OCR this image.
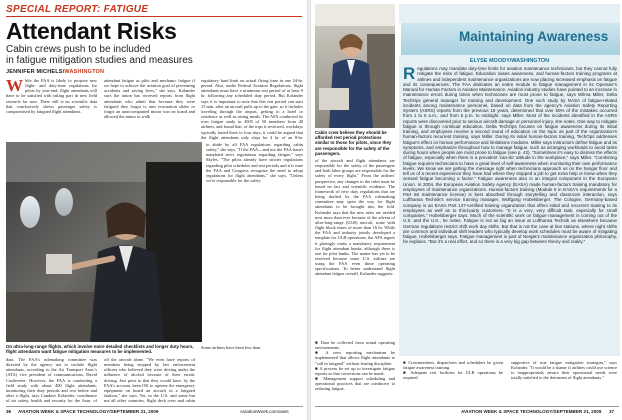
SPECIAL REPORT: FATIGUE
Attendant Risks
Cabin crews push to be included
in fatigue mitigation studies and measures
JENNIFER MICHELS/WASHINGTON
While the FAA is likely to propose new flight- and duty-time regulations for pilots by year-end, flight attendants will have to be satisfied with taking part in new field research for now. There still is no scientific data that conclusively shows passenger safety is compromised by fatigued flight attendants.
attendant fatigue as pilot and mechanic fatigue if we hope to achieve the aviation goal of preventing accidents and saving lives," she says. Kolander says the union has received reports from flight attendants who admit that because they were fatigued they forgot to arm evacuation slides or forgot an unaccompanied minor was on board and allowed the minor to walk
regulatory hard limit on actual flying time in one 24-hr. period. Also, under Federal Aviation Regulations, flight attendants must have a minimum rest period of at least 9 hr. following any scheduled duty period. But Kolander says it is important to note that this rest period can start 15 min. after an aircraft pulls up to the gate, so it includes traveling through the airport, getting to a hotel or residence as well as eating meals. The AFA conducted its own fatigue study in 2005 of 50 members from 40 airlines, and found that, of the trips it reviewed, workdays typically lasted three to four days, it could be argued that the flight attendants only slept for 4 hr. of an 8-hr.
to abide by all FAA regulations regarding cabin safety," she says. "If the FAA—and not the FAA hasn't mandated strict regulations regarding fatigue," says Skyles. "The pilots already have stricter regulations regarding pilot schedules and rest periods and it is time the FAA and Congress recognize the need to adopt regulations for flight attendants," she says. "Unless we're responsible for the safety
On ultra-long-range flights, which involve more detailed checklists and longer duty hours, flight attendants want fatigue mitigation measures to be implemented.
data. The FAA's rulemaking committee was directed by the agency not to include flight attendants, according to the Air Transport Assn.'s (ATA) vice president of communications, David Castleveter. However, the FAA is conducting a field study with about 400 flight attendants, monitoring their duty periods and rest before and after a flight, says Candace Kolander, coordinator of air safety, health and security for the Assn. of
off the aircraft alone. "We even have reports of members being stopped by law enforcement officers who believed they were driving under the influence of alcohol because of their erratic driving. Just prior to that they would have, by the FAA's account, been OK to operate the emergency equipment on board an aircraft in a fatigued fashion," she says. Yet, in the U.S. and some but not all other countries, flight deck crew and cabin
Some airlines have been less than
36 AVIATION WEEK & SPACE TECHNOLOGY/SEPTEMBER 21, 2009	AviationWeek.com/awst
Cabin crew believe they should be afforded rest period protections similar to those for pilots, since they are responsible for the safety of the passengers.
of the aircraft and flight attendants are responsible for the safety of the passengers and both labor groups are responsible for the safety of every flight." From the airlines' perspective, any changes to the rules must be based on fact and scientific evidence. The framework of new duty regulations that are being drafted by the FAA rulemaking committee may open the way for flight attendants to be brought into the fold. Kolander says that the new rules are needed now more than ever because of the advent of ultra-long-range (ULR) aircraft, some with flight block times of more than 16 hr. While the FAA and industry jointly developed a template for ULR operations, the AFA argues it glaringly omits a mandatory requirement for flight attendant bunks, although there is one for pilot bunks. The matter has yet to be resolved because some U.S. airlines are using the FAA even those operating specifications. To better understand flight attendant fatigue overall, Kolander suggests:
■ Data be collected from actual operating environments.
■ A crew reporting mechanism be implemented that allows flight attendants to "call in fatigued" without fearing discipline.
■ A process be set up to investigate fatigue reports so that corrections can be made.
■ Management support scheduling and operational practices that are conducive to reducing fatigue.
Maintaining Awareness
ELYSE MOODY/WASHINGTON
Regulations may mandate duty-time limits for aviation maintenance technicians, but they cannot fully mitigate the risks of fatigue. Education raises awareness, and human-factors training programs at airlines and independent maintenance organizations are now placing increased emphasis on fatigue and its consequences. The FAA dedicates an entire module to fatigue management in its Operator's Manual for Human Factors in Aviation Maintenance. Aviation industry studies have pointed to an increase in maintenance errors during times when technicians are most prone to fatigue, says Wilma Miller, Delta TechOps general manager for training and development. One such study by NASA of fatigue-related incidents among maintenance personnel, based on data from the agency's Aviation Safety Reporting System (ASRS) reports from the previous 18 years, determined that over 50% of the mistakes occurred from 1 to 6 a.m., and from 6 p.m. to midnight, says Miller. Most of the incidents identified in the ASRS reports were discovered prior to serious aircraft damage or personnel injury, she notes. One way to mitigate fatigue is through continual education. Delta TechOps focuses on fatigue awareness during its initial training, and employees receive a second round of education on the topic as part of the organization's human-factors recurrent training, says Miller. During its initial human-factors training, TechOps addresses fatigue's effect on human performance and limitations modules. Miller says instructors define fatigue and its symptoms, and emphasize throughout how to manage fatigue, such as arranging workloads to avoid tasks during hours when people are most prone to fatigue (see p. 42). "Sometimes it's easy to dismiss the effects of fatigue, especially when there is a prevalent 'can-do' attitude in the workplace," says Miller. "Combining fatigue requires technicians to have a great level of self-awareness when monitoring their own performance levels. We know we are getting the message right when technicians approach us on the hangar floor and tell us of a recent experience they have had where they stopped a job to get extra help or knew when they sensed fatigue becoming a factor." Fatigue awareness also is an integral component in the European Union. In 2004, the European Aviation Safety Agency (EASA) made human-factors training mandatory for employees of maintenance organizations. Human-factors training (Module 9 in EASA's requirements for a Part 66 maintenance license) is best absorbed through storytelling and classroom interaction, says Lufthansa Technik's service training manager, Wolfgang Hobelsberger. The Cologne, Germany-based company is an EASA Part 147-certified training organization that offers initial and recurrent training to its employees as well as to third-party customers. "It is a very, very difficult task, especially for small companies," Hobelsberger says. Much of the scientific work on fatigue management is coming out of the U.S. and the U.K., he notes. Fatigue is not as big an issue at Lufthansa Technik as elsewhere because German regulations restrict shift work day shifts. But that is not the case at line stations, where night shifts are common and individual shift leaders who typically develop work schedules must be aware of mitigating fatigue, Hobelsberger says. Fatigue management is part of Nesjak's maintenance organization philosophy, he explains. "But it's a real effort, and so there is a very big gap between theory and reality."
■ Crewmembers, dispatchers and schedulers be given fatigue awareness training.
■ Adequate rest facilities for ULR operations be required.
supportive of true fatigue mitigation strategies," says Kolander. "It would be a shame if airlines could use science to inappropriately ensure their operational needs were totally satisfied to the detriment of flight attendants."
AVIATION WEEK & SPACE TECHNOLOGY/SEPTEMBER 21, 2009 37
